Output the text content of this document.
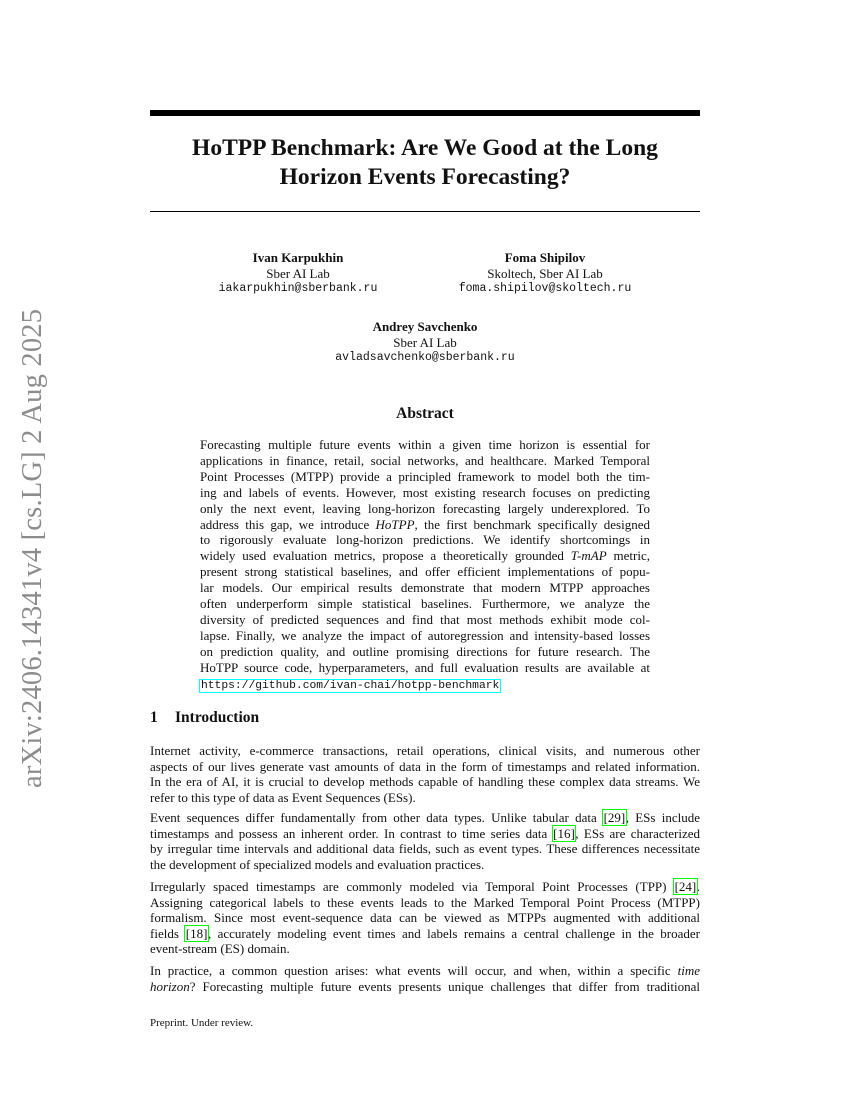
arXiv:2406.14341v4 [cs.LG] 2 Aug 2025
HoTPP Benchmark: Are We Good at the Long
Horizon Events Forecasting?
Ivan Karpukhin
Sber AI Lab
iakarpukhin@sberbank.ru
Foma Shipilov
Skoltech, Sber AI Lab
foma.shipilov@skoltech.ru
Andrey Savchenko
Sber AI Lab
avladsavchenko@sberbank.ru
Abstract
Forecasting multiple future events within a given time horizon is essential for
applications in finance, retail, social networks, and healthcare. Marked Temporal
Point Processes (MTPP) provide a principled framework to model both the tim-
ing and labels of events. However, most existing research focuses on predicting
only the next event, leaving long-horizon forecasting largely underexplored. To
address this gap, we introduce HoTPP, the first benchmark specifically designed
to rigorously evaluate long-horizon predictions. We identify shortcomings in
widely used evaluation metrics, propose a theoretically grounded T-mAP metric,
present strong statistical baselines, and offer efficient implementations of popu-
lar models. Our empirical results demonstrate that modern MTPP approaches
often underperform simple statistical baselines. Furthermore, we analyze the
diversity of predicted sequences and find that most methods exhibit mode col-
lapse. Finally, we analyze the impact of autoregression and intensity-based losses
on prediction quality, and outline promising directions for future research. The
HoTPP source code, hyperparameters, and full evaluation results are available at
https://github.com/ivan-chai/hotpp-benchmark
1 Introduction
Internet activity, e-commerce transactions, retail operations, clinical visits, and numerous other
aspects of our lives generate vast amounts of data in the form of timestamps and related information.
In the era of AI, it is crucial to develop methods capable of handling these complex data streams. We
refer to this type of data as Event Sequences (ESs).
Event sequences differ fundamentally from other data types. Unlike tabular data [29], ESs include
timestamps and possess an inherent order. In contrast to time series data [16], ESs are characterized
by irregular time intervals and additional data fields, such as event types. These differences necessitate
the development of specialized models and evaluation practices.
Irregularly spaced timestamps are commonly modeled via Temporal Point Processes (TPP) [24].
Assigning categorical labels to these events leads to the Marked Temporal Point Process (MTPP)
formalism. Since most event-sequence data can be viewed as MTPPs augmented with additional
fields [18], accurately modeling event times and labels remains a central challenge in the broader
event-stream (ES) domain.
In practice, a common question arises: what events will occur, and when, within a specific time
horizon? Forecasting multiple future events presents unique challenges that differ from traditional
Preprint. Under review.
